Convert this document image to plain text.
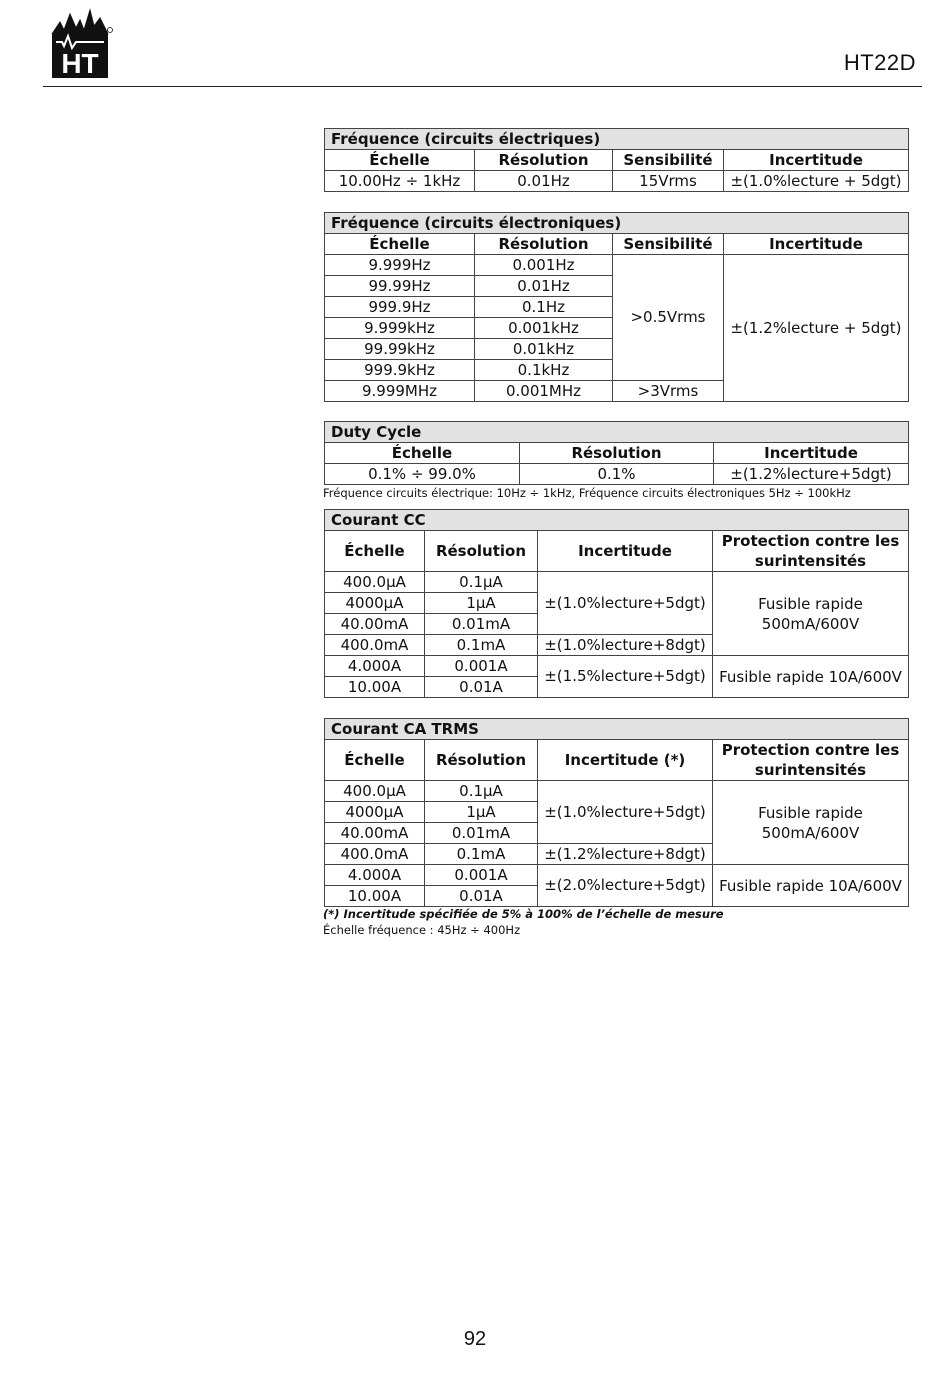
HT	HT22D
Fréquence (circuits électriques)			
Échelle	Résolution	Sensibilité	Incertitude
10.00Hz ÷ 1kHz	0.01Hz	15Vrms	±(1.0%lecture + 5dgt)
Fréquence (circuits électroniques)			
Échelle	Résolution	Sensibilité	Incertitude
9.999Hz	0.001Hz	>0.5Vrms	±(1.2%lecture + 5dgt)
99.99Hz	0.01Hz		
999.9Hz	0.1Hz		
9.999kHz	0.001kHz		
99.99kHz	0.01kHz		
999.9kHz	0.1kHz		
9.999MHz	0.001MHz	>3Vrms	
Duty Cycle		
Échelle	Résolution	Incertitude
0.1% ÷ 99.0%	0.1%	±(1.2%lecture+5dgt)
Fréquence circuits électrique: 10Hz ÷ 1kHz, Fréquence circuits électroniques 5Hz ÷ 100kHz
Courant CC			
Échelle	Résolution	Incertitude	Protection contre les surintensités
400.0µA	0.1µA	±(1.0%lecture+5dgt)	Fusible rapide 500mA/600V
4000µA	1µA		
40.00mA	0.01mA		
400.0mA	0.1mA	±(1.0%lecture+8dgt)	
4.000A	0.001A	±(1.5%lecture+5dgt)	Fusible rapide 10A/600V
10.00A	0.01A		
Courant CA TRMS			
Échelle	Résolution	Incertitude (*)	Protection contre les surintensités
400.0µA	0.1µA	±(1.0%lecture+5dgt)	Fusible rapide 500mA/600V
4000µA	1µA		
40.00mA	0.01mA		
400.0mA	0.1mA	±(1.2%lecture+8dgt)	
4.000A	0.001A	±(2.0%lecture+5dgt)	Fusible rapide 10A/600V
10.00A	0.01A		
(*) Incertitude spécifiée de 5% à 100% de l’échelle de mesure
Échelle fréquence : 45Hz ÷ 400Hz
92
